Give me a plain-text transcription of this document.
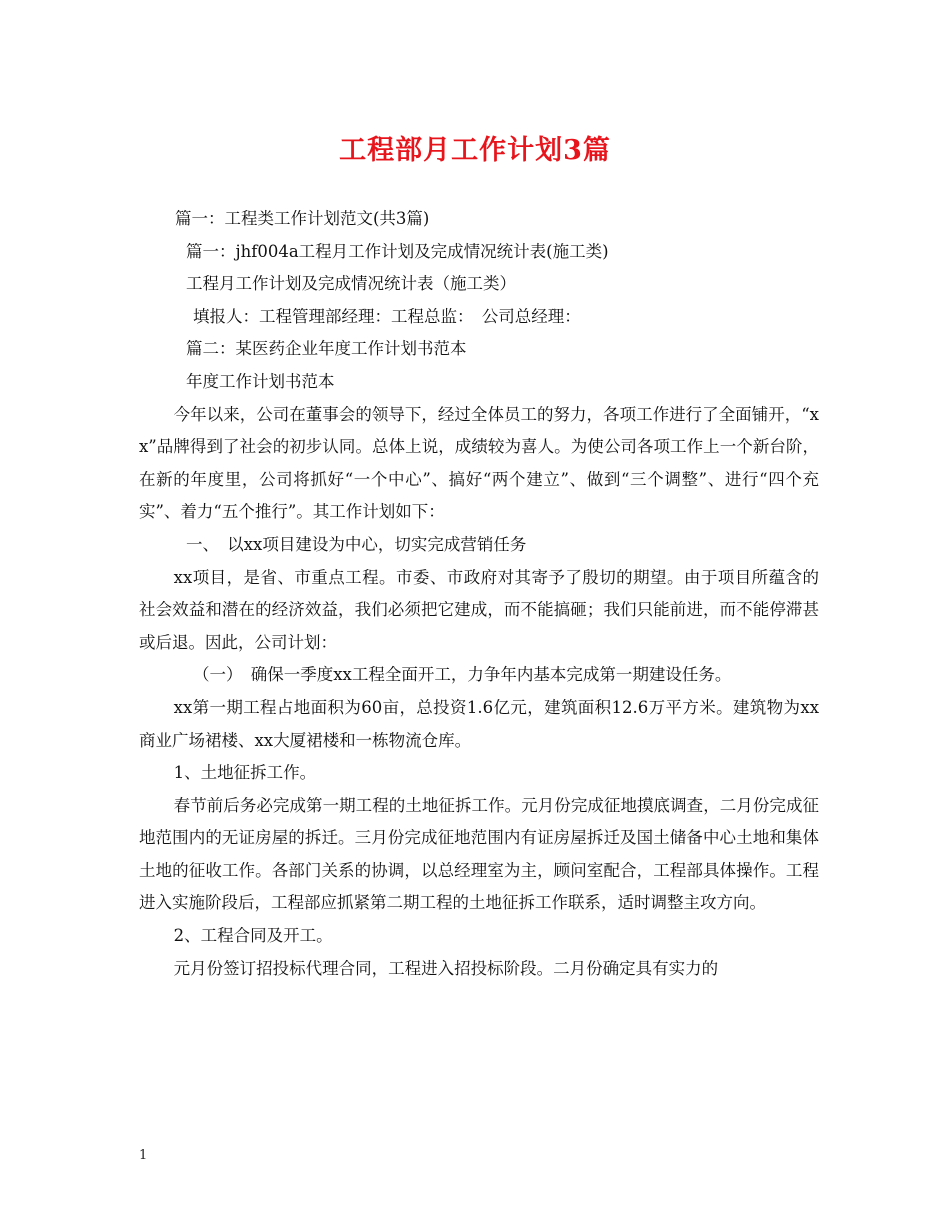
工程部月工作计划3篇

篇一：工程类工作计划范文(共3篇)

篇一：jhf004a工程月工作计划及完成情况统计表(施工类)

工程月工作计划及完成情况统计表（施工类）

填报人：工程管理部经理：工程总监：　公司总经理：

篇二：某医药企业年度工作计划书范本

年度工作计划书范本

今年以来，公司在董事会的领导下，经过全体员工的努力，各项工作进行了全面铺开，“xx”品牌得到了社会的初步认同。总体上说，成绩较为喜人。为使公司各项工作上一个新台阶，在新的年度里，公司将抓好“一个中心”、搞好“两个建立”、做到“三个调整”、进行“四个充实”、着力“五个推行”。其工作计划如下：

一、　以xx项目建设为中心，切实完成营销任务

xx项目，是省、市重点工程。市委、市政府对其寄予了殷切的期望。由于项目所蕴含的社会效益和潜在的经济效益，我们必须把它建成，而不能搞砸；我们只能前进，而不能停滞甚或后退。因此，公司计划：

（一）　确保一季度xx工程全面开工，力争年内基本完成第一期建设任务。

xx第一期工程占地面积为60亩，总投资1.6亿元，建筑面积12.6万平方米。建筑物为xx商业广场裙楼、xx大厦裙楼和一栋物流仓库。

1、土地征拆工作。

春节前后务必完成第一期工程的土地征拆工作。元月份完成征地摸底调查，二月份完成征地范围内的无证房屋的拆迁。三月份完成征地范围内有证房屋拆迁及国土储备中心土地和集体土地的征收工作。各部门关系的协调，以总经理室为主，顾问室配合，工程部具体操作。工程进入实施阶段后，工程部应抓紧第二期工程的土地征拆工作联系，适时调整主攻方向。

2、工程合同及开工。

元月份签订招投标代理合同，工程进入招投标阶段。二月份确定具有实力的

1
